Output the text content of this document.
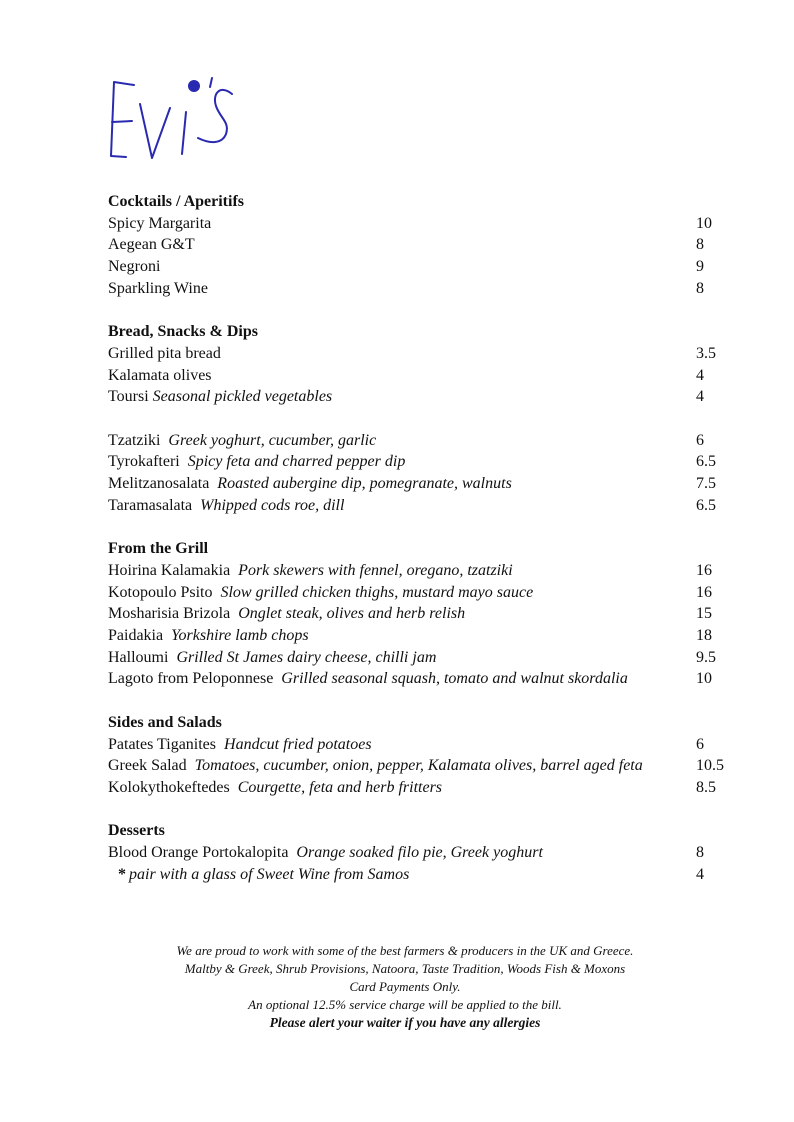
Cocktails / Aperitifs
Spicy Margarita	10
Aegean G&T	8
Negroni	9
Sparkling Wine	8
Bread, Snacks & Dips
Grilled pita bread	3.5
Kalamata olives	4
Toursi Seasonal pickled vegetables	4
Tzatziki Greek yoghurt, cucumber, garlic	6
Tyrokafteri Spicy feta and charred pepper dip	6.5
Melitzanosalata Roasted aubergine dip, pomegranate, walnuts	7.5
Taramasalata Whipped cods roe, dill	6.5
From the Grill
Hoirina Kalamakia Pork skewers with fennel, oregano, tzatziki	16
Kotopoulo Psito Slow grilled chicken thighs, mustard mayo sauce	16
Mosharisia Brizola Onglet steak, olives and herb relish	15
Paidakia Yorkshire lamb chops	18
Halloumi Grilled St James dairy cheese, chilli jam	9.5
Lagoto from Peloponnese Grilled seasonal squash, tomato and walnut skordalia	10
Sides and Salads
Patates Tiganites Handcut fried potatoes	6
Greek Salad Tomatoes, cucumber, onion, pepper, Kalamata olives, barrel aged feta	10.5
Kolokythokeftedes Courgette, feta and herb fritters	8.5
Desserts
Blood Orange Portokalopita Orange soaked filo pie, Greek yoghurt	8
* pair with a glass of Sweet Wine from Samos	4
We are proud to work with some of the best farmers & producers in the UK and Greece.
Maltby & Greek, Shrub Provisions, Natoora, Taste Tradition, Woods Fish & Moxons
Card Payments Only.
An optional 12.5% service charge will be applied to the bill.
Please alert your waiter if you have any allergies
